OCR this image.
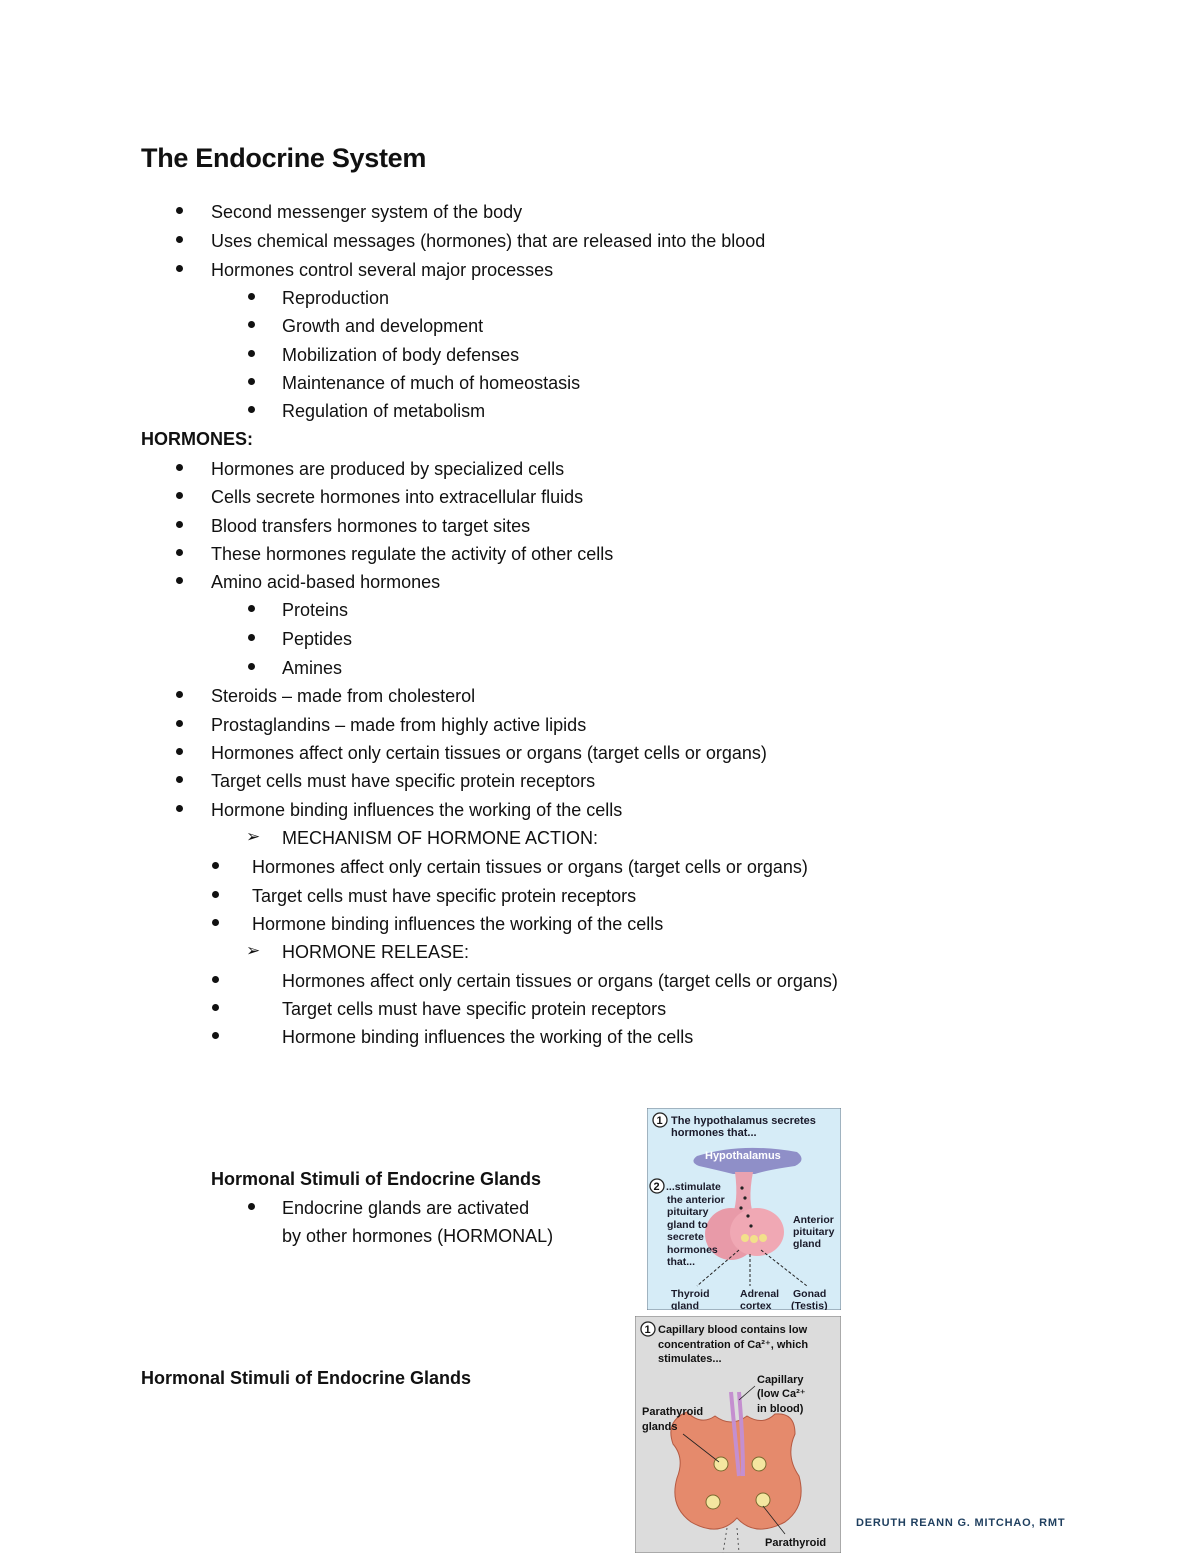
The Endocrine System
Second messenger system of the body
Uses chemical messages (hormones) that are released into the blood
Hormones control several major processes
Reproduction
Growth and development
Mobilization of body defenses
Maintenance of much of homeostasis
Regulation of metabolism
HORMONES:
Hormones are produced by specialized cells
Cells secrete hormones into extracellular fluids
Blood transfers hormones to target sites
These hormones regulate the activity of other cells
Amino acid-based hormones
Proteins
Peptides
Amines
Steroids – made from cholesterol
Prostaglandins – made from highly active lipids
Hormones affect only certain tissues or organs (target cells or organs)
Target cells must have specific protein receptors
Hormone binding influences the working of the cells
➢ MECHANISM OF HORMONE ACTION:
Hormones affect only certain tissues or organs (target cells or organs)
Target cells must have specific protein receptors
Hormone binding influences the working of the cells
➢ HORMONE RELEASE:
Hormones affect only certain tissues or organs (target cells or organs)
Target cells must have specific protein receptors
Hormone binding influences the working of the cells
Hormonal Stimuli of Endocrine Glands
Endocrine glands are activated
by other hormones (HORMONAL)
Hormonal Stimuli of Endocrine Glands
DERUTH REANN G. MITCHAO, RMT
1 The hypothalamus secretes
hormones that...
Hypothalamus
2 ...stimulate
the anterior
pituitary
gland to
secrete
hormones
that...
Anterior
pituitary
gland
Thyroid
gland
Adrenal
cortex
Gonad
(Testis)
1 Capillary blood contains low
concentration of Ca²⁺, which
stimulates...
Capillary
(low Ca²⁺
in blood)
Parathyroid
glands
Parathyroid
